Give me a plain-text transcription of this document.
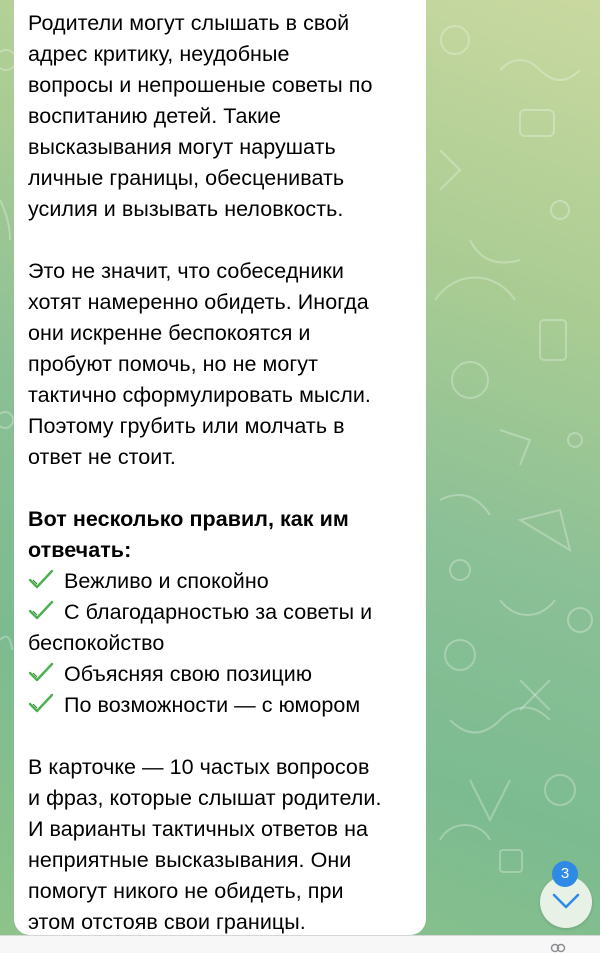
Родители могут слышать в свой
адрес критику, неудобные
вопросы и непрошеные советы по
воспитанию детей. Такие
высказывания могут нарушать
личные границы, обесценивать
усилия и вызывать неловкость.

Это не значит, что собеседники
хотят намеренно обидеть. Иногда
они искренне беспокоятся и
пробуют помочь, но не могут
тактично сформулировать мысли.
Поэтому грубить или молчать в
ответ не стоит.

Вот несколько правил, как им
отвечать:

Вежливо и спокойно
С благодарностью за советы и
беспокойство
Объясняя свою позицию
По возможности — с юмором

В карточке — 10 частых вопросов
и фраз, которые слышат родители.
И варианты тактичных ответов на
неприятные высказывания. Они
помогут никого не обидеть, при
этом отстояв свои границы.

3
